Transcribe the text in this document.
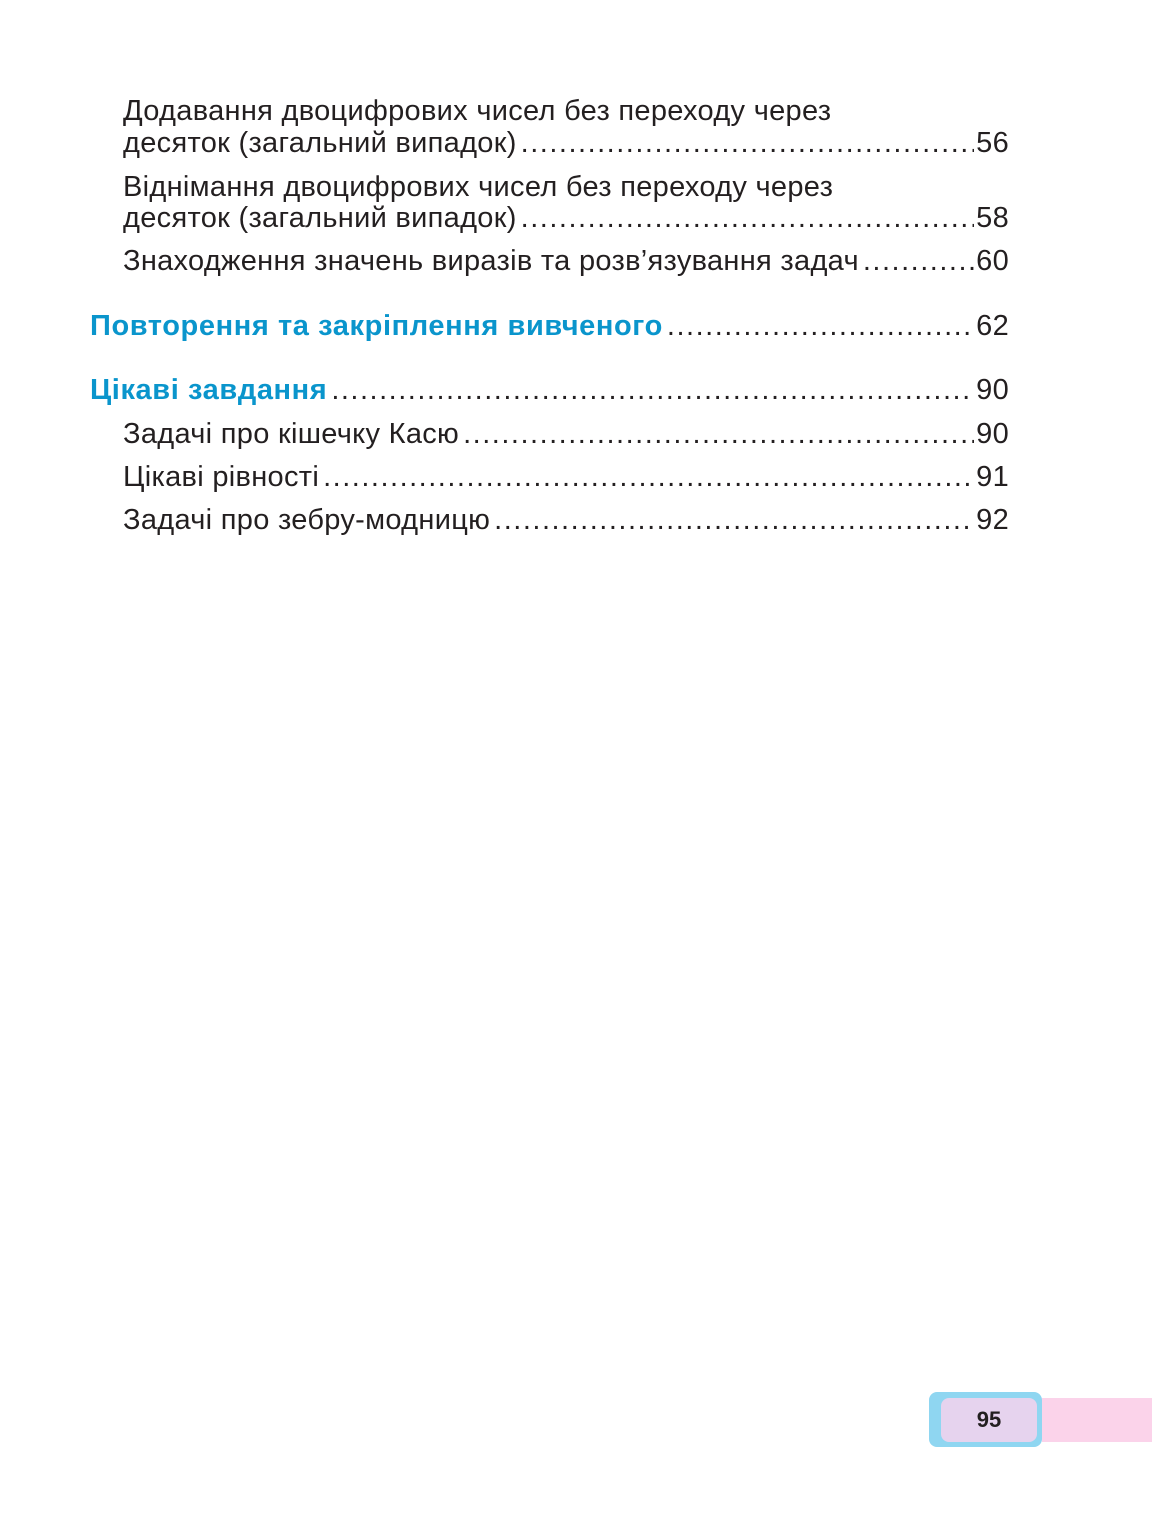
Додавання двоцифрових чисел без переходу через
десяток (загальний випадок) .....	56
Віднімання двоцифрових чисел без переходу через
десяток (загальний випадок) .....	58
Знаходження значень виразів та розв’язування задач .....	60
Повторення та закріплення вивченого .....	62
Цікаві завдання .....	90
Задачі про кішечку Касю .....	90
Цікаві рівності .....	91
Задачі про зебру-модницю .....	92
95
